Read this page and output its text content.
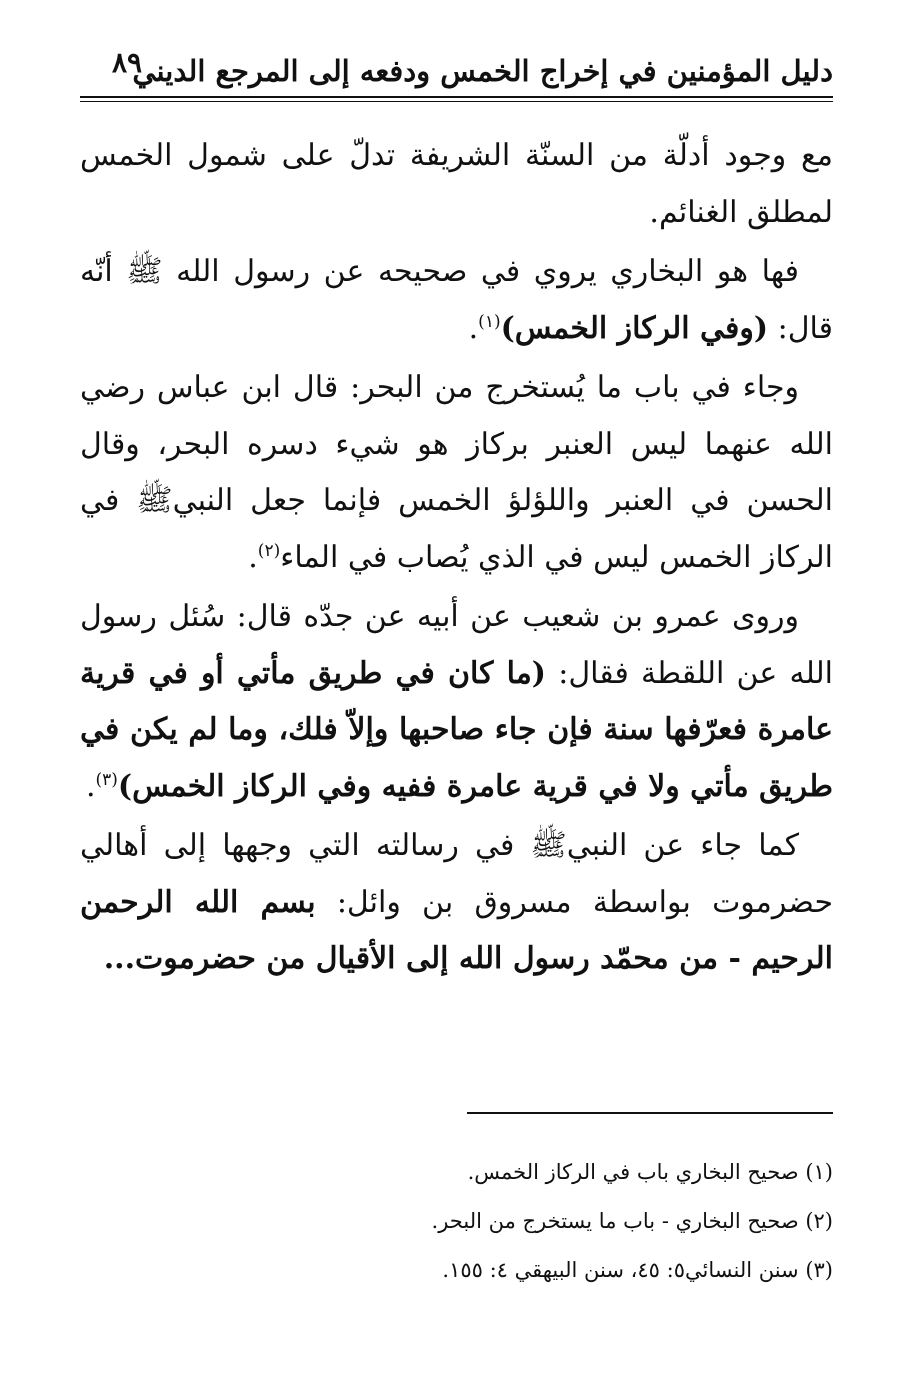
دليل المؤمنين في إخراج الخمس ودفعه إلى المرجع الديني
٨٩

مع وجود أدلّة من السنّة الشريفة تدلّ على شمول الخمس لمطلق الغنائم.

فها هو البخاري يروي في صحيحه عن رسول الله ﷺ أنّه قال: (وفي الركاز الخمس)$^{(١)}$.

وجاء في باب ما يُستخرج من البحر: قال ابن عباس رضي الله عنهما ليس العنبر بركاز هو شيء دسره البحر، وقال الحسن في العنبر واللؤلؤ الخمس فإنما جعل النبيﷺ في الركاز الخمس ليس في الذي يُصاب في الماء$^{(٢)}$.

وروى عمرو بن شعيب عن أبيه عن جدّه قال: سُئل رسول الله عن اللقطة فقال: (ما كان في طريق مأتي أو في قرية عامرة فعرّفها سنة فإن جاء صاحبها وإلاّ فلك، وما لم يكن في طريق مأتي ولا في قرية عامرة ففيه وفي الركاز الخمس)$^{(٣)}$.

كما جاء عن النبيﷺ في رسالته التي وجهها إلى أهالي حضرموت بواسطة مسروق بن وائل: بسم الله الرحمن الرحيم - من محمّد رسول الله إلى الأقيال من حضرموت...

(١) صحيح البخاري باب في الركاز الخمس.

(٢) صحيح البخاري - باب ما يستخرج من البحر.

(٣) سنن النسائي٥: ٤٥، سنن البيهقي ٤: ١٥٥.
